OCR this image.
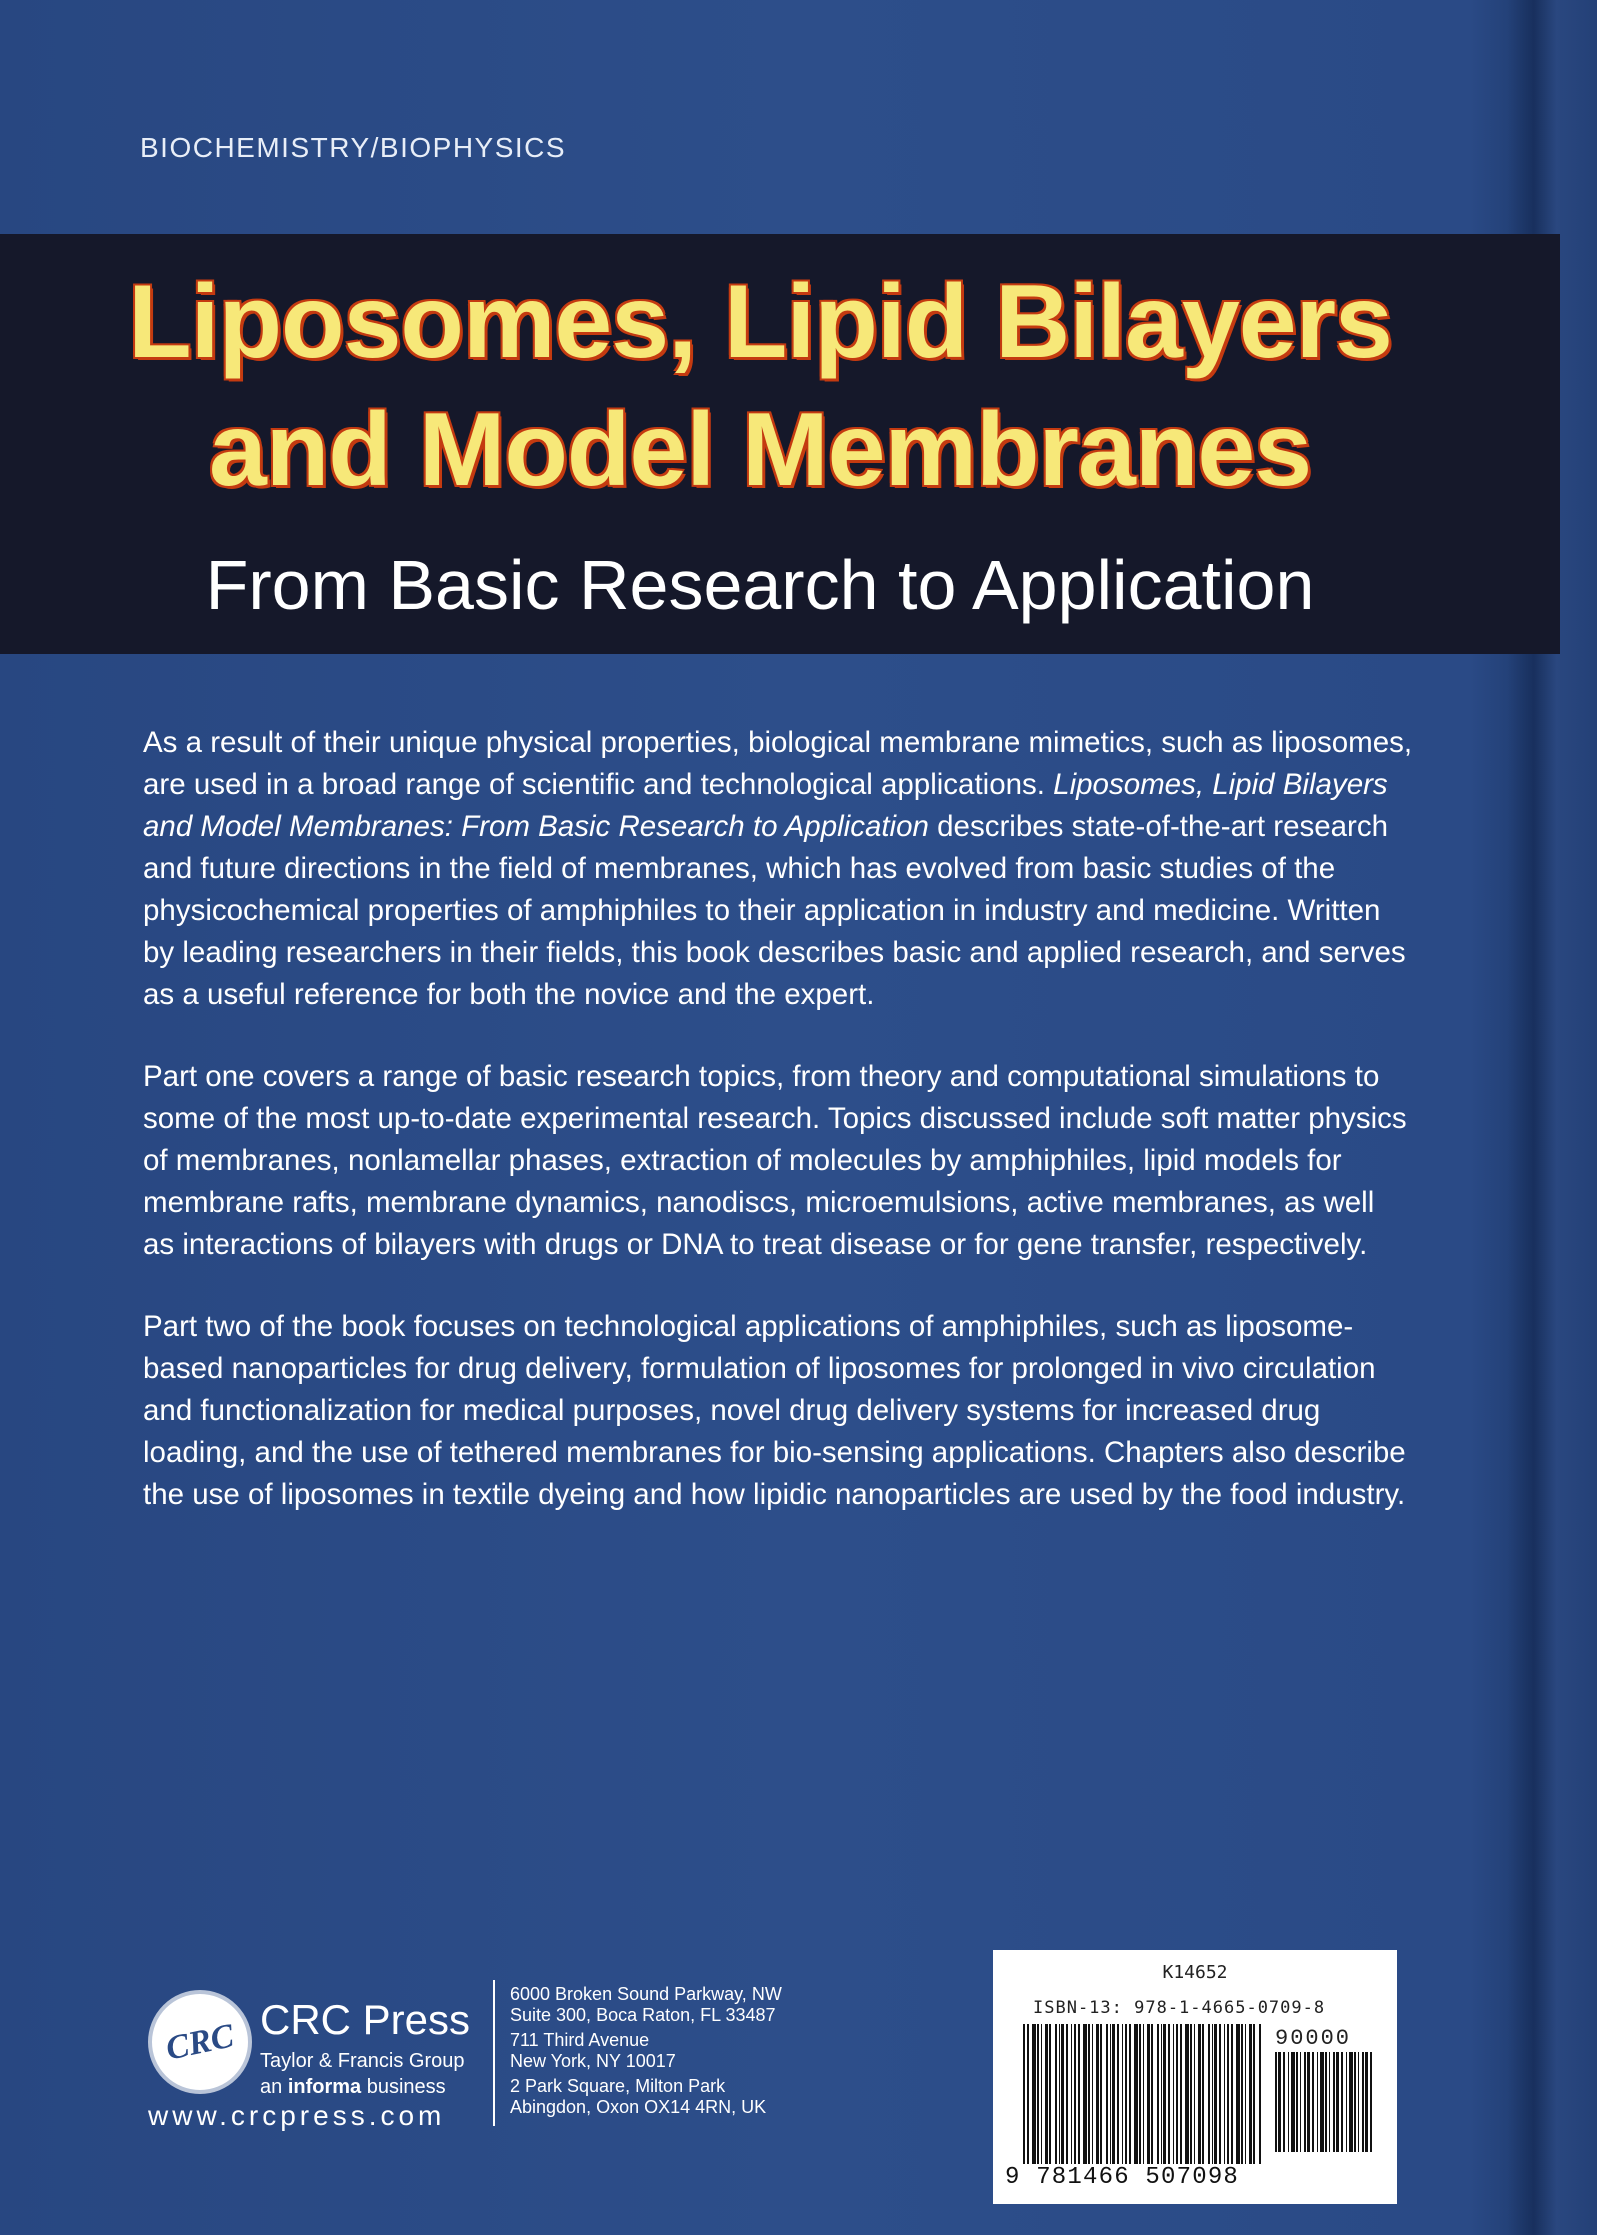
BIOCHEMISTRY/BIOPHYSICS
Liposomes, Lipid Bilayers
and Model Membranes
From Basic Research to Application

As a result of their unique physical properties, biological membrane mimetics, such as liposomes, are used in a broad range of scientific and technological applications. Liposomes, Lipid Bilayers and Model Membranes: From Basic Research to Application describes state-of-the-art research and future directions in the field of membranes, which has evolved from basic studies of the physicochemical properties of amphiphiles to their application in industry and medicine. Written by leading researchers in their fields, this book describes basic and applied research, and serves as a useful reference for both the novice and the expert.

Part one covers a range of basic research topics, from theory and computational simulations to some of the most up-to-date experimental research. Topics discussed include soft matter physics of membranes, nonlamellar phases, extraction of molecules by amphiphiles, lipid models for membrane rafts, membrane dynamics, nanodiscs, microemulsions, active membranes, as well as interactions of bilayers with drugs or DNA to treat disease or for gene transfer, respectively.

Part two of the book focuses on technological applications of amphiphiles, such as liposome-based nanoparticles for drug delivery, formulation of liposomes for prolonged in vivo circulation and functionalization for medical purposes, novel drug delivery systems for increased drug loading, and the use of tethered membranes for bio-sensing applications. Chapters also describe the use of liposomes in textile dyeing and how lipidic nanoparticles are used by the food industry.

CRC CRC Press
Taylor & Francis Group
an informa business
www.crcpress.com
6000 Broken Sound Parkway, NW
Suite 300, Boca Raton, FL 33487
711 Third Avenue
New York, NY 10017
2 Park Square, Milton Park
Abingdon, Oxon OX14 4RN, UK
K14652
ISBN-13: 978-1-4665-0709-8
90000
9 781466 507098
